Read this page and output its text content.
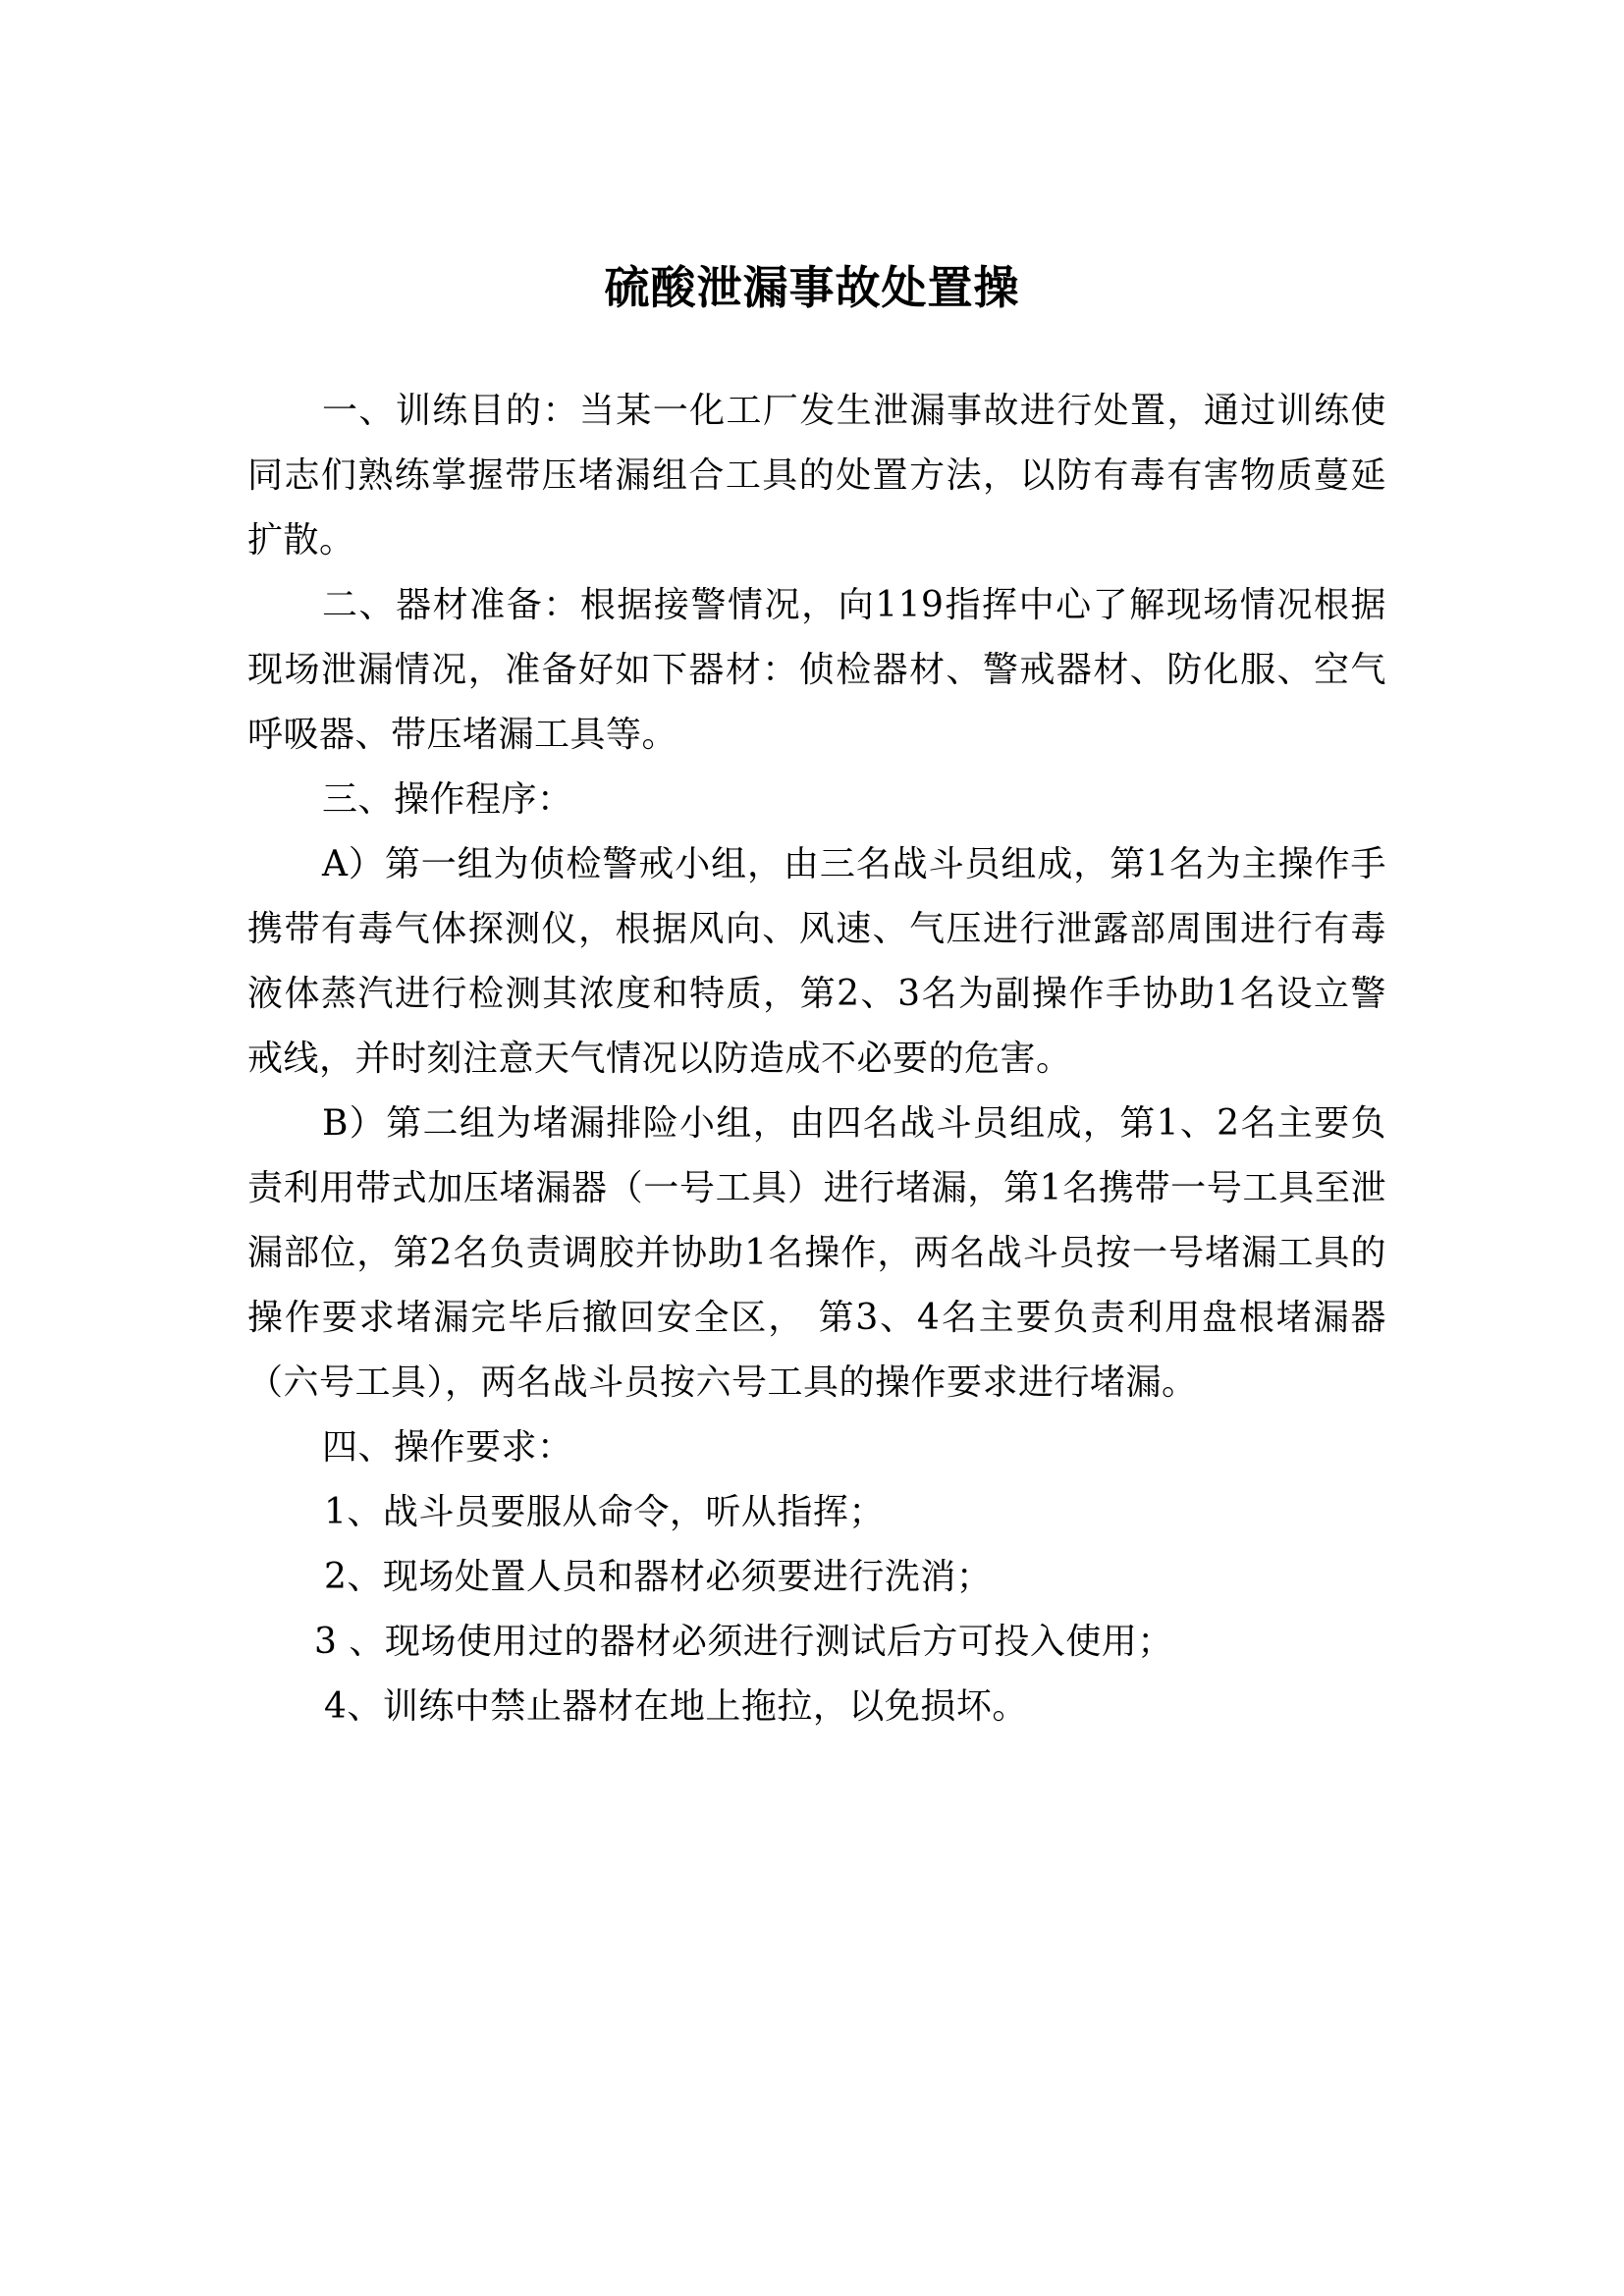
硫酸泄漏事故处置操

一、训练目的：当某一化工厂发生泄漏事故进行处置，通过训练使同志们熟练掌握带压堵漏组合工具的处置方法，以防有毒有害物质蔓延扩散。

二、器材准备：根据接警情况，向119指挥中心了解现场情况根据现场泄漏情况，准备好如下器材：侦检器材、警戒器材、防化服、空气呼吸器、带压堵漏工具等。

三、操作程序：

A）第一组为侦检警戒小组，由三名战斗员组成，第1名为主操作手携带有毒气体探测仪，根据风向、风速、气压进行泄露部周围进行有毒液体蒸汽进行检测其浓度和特质，第2、3名为副操作手协助1名设立警戒线，并时刻注意天气情况以防造成不必要的危害。

B）第二组为堵漏排险小组，由四名战斗员组成，第1、2名主要负责利用带式加压堵漏器（一号工具）进行堵漏，第1名携带一号工具至泄漏部位，第2名负责调胶并协助1名操作，两名战斗员按一号堵漏工具的操作要求堵漏完毕后撤回安全区， 第3、4名主要负责利用盘根堵漏器（六号工具），两名战斗员按六号工具的操作要求进行堵漏。

四、操作要求：

1、战斗员要服从命令，听从指挥；

2、现场处置人员和器材必须要进行洗消；

3 、现场使用过的器材必须进行测试后方可投入使用；

4、训练中禁止器材在地上拖拉，以免损坏。
